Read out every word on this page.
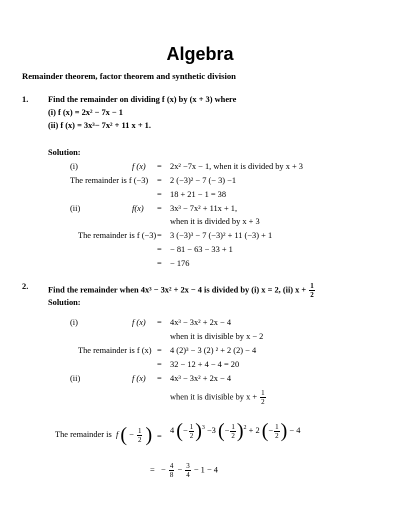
Algebra
Remainder theorem, factor theorem and synthetic division
1. Find the remainder on dividing f (x) by (x + 3) where
(i) f (x) = 2x² − 7x − 1
(ii) f (x) = 3x³− 7x² + 11 x + 1.
Solution:
(i)	f (x) = 2x² −7x − 1, when it is divided by x + 3
The remainder is f (−3) = 2 (−3)² − 7 (− 3) −1
= 18 + 21 − 1 = 38
(ii)	f(x) = 3x³ − 7x² + 11x + 1,
when it is divided by x + 3
The remainder is f (−3) = 3 (−3)³ − 7 (−3)² + 11 (−3) + 1
= − 81 − 63 − 33 + 1
= − 176
2. Find the remainder when 4x³ − 3x² + 2x − 4 is divided by (i) x = 2, (ii) $x + \frac{1}{2}$
Solution:
(i)	f (x) = 4x³ − 3x² + 2x − 4
when it is divisible by x − 2
The remainder is f (x) = 4 (2)³ − 3 (2) ² + 2 (2) − 4
= 32 − 12 + 4 − 4 = 20
(ii)	f (x) = 4x³ − 3x² + 2x − 4
when it is divisible by $x + \frac{1}{2}$
The remainder is  f ( − $\frac{1}{2}$ ) =
4 (− $\frac{1}{2} )^3 -3$ (− $\frac{1}{2} )^2 + 2$ (− $\frac{1}{2}$ ) − 4
=   − $\frac{4}{8} - \frac{3}{4} - 1 - 4$
